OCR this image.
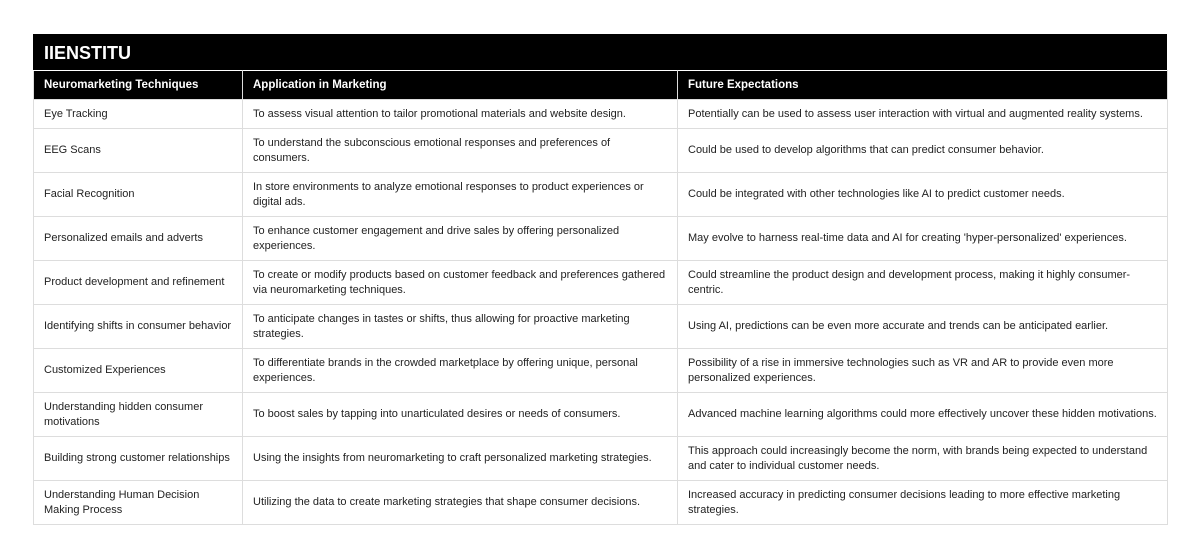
IIENSTITU
Neuromarketing Techniques	Application in Marketing	Future Expectations
Eye Tracking	To assess visual attention to tailor promotional materials and website design.	Potentially can be used to assess user interaction with virtual and augmented reality systems.
EEG Scans	To understand the subconscious emotional responses and preferences of consumers.	Could be used to develop algorithms that can predict consumer behavior.
Facial Recognition	In store environments to analyze emotional responses to product experiences or digital ads.	Could be integrated with other technologies like AI to predict customer needs.
Personalized emails and adverts	To enhance customer engagement and drive sales by offering personalized experiences.	May evolve to harness real-time data and AI for creating 'hyper-personalized' experiences.
Product development and refinement	To create or modify products based on customer feedback and preferences gathered via neuromarketing techniques.	Could streamline the product design and development process, making it highly consumer-centric.
Identifying shifts in consumer behavior	To anticipate changes in tastes or shifts, thus allowing for proactive marketing strategies.	Using AI, predictions can be even more accurate and trends can be anticipated earlier.
Customized Experiences	To differentiate brands in the crowded marketplace by offering unique, personal experiences.	Possibility of a rise in immersive technologies such as VR and AR to provide even more personalized experiences.
Understanding hidden consumer motivations	To boost sales by tapping into unarticulated desires or needs of consumers.	Advanced machine learning algorithms could more effectively uncover these hidden motivations.
Building strong customer relationships	Using the insights from neuromarketing to craft personalized marketing strategies.	This approach could increasingly become the norm, with brands being expected to understand and cater to individual customer needs.
Understanding Human Decision Making Process	Utilizing the data to create marketing strategies that shape consumer decisions.	Increased accuracy in predicting consumer decisions leading to more effective marketing strategies.
